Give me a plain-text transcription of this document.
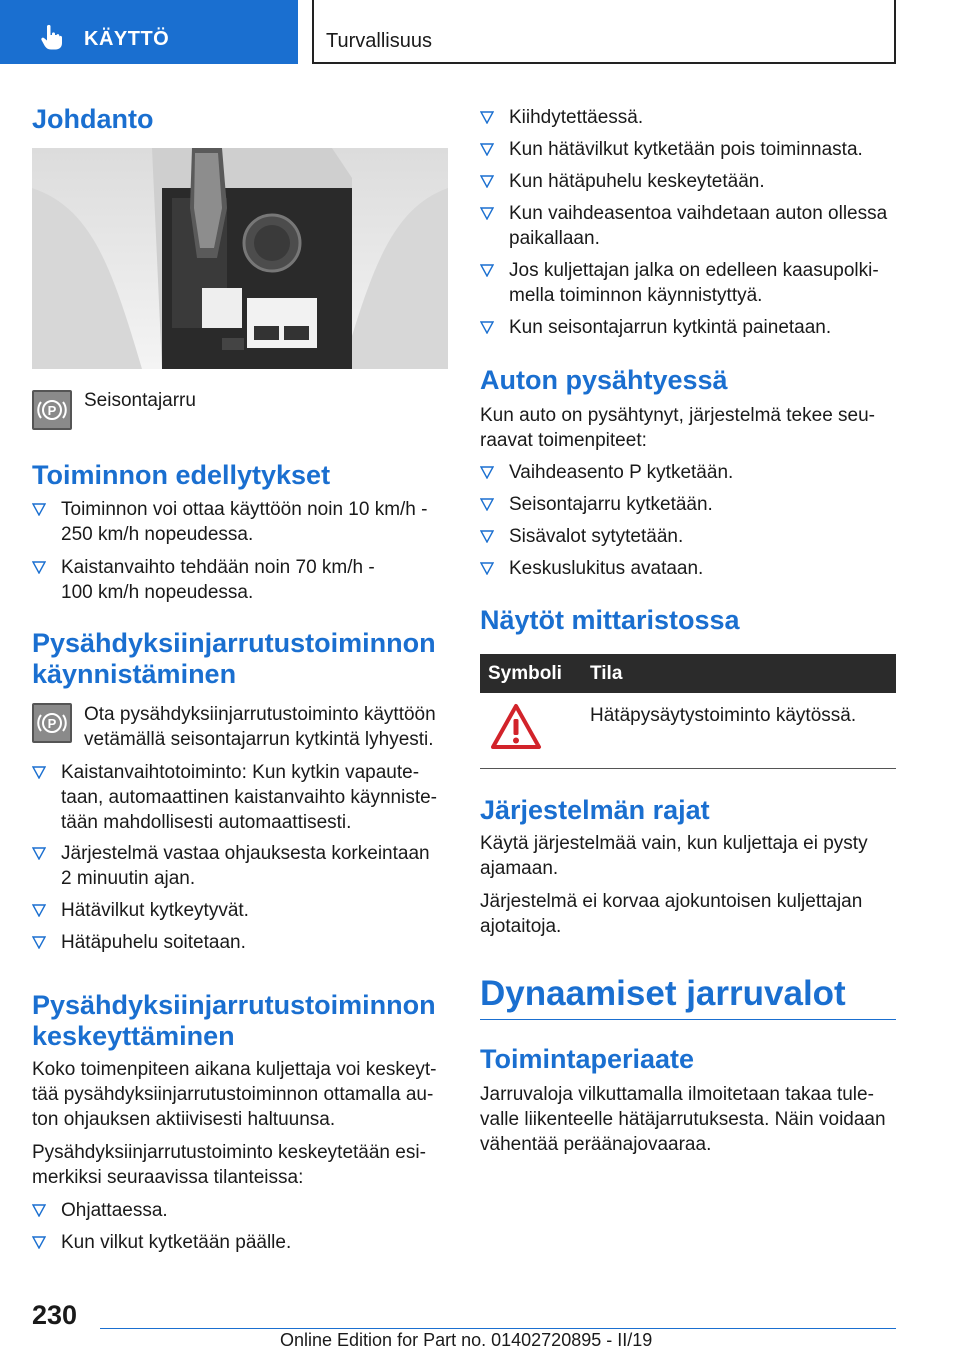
KÄYTTÖ	Turvallisuus
Johdanto
P Seisontajarru

Toiminnon edellytykset
Toiminnon voi ottaa käyttöön noin 10 km/h -
250 km/h nopeudessa.
Kaistanvaihto tehdään noin 70 km/h -
100 km/h nopeudessa.
Pysähdyksiinjarrutustoiminnon
käynnistäminen
P Ota pysähdyksiinjarrutustoiminto käyttöön
vetämällä seisontajarrun kytkintä lyhyesti.

Kaistanvaihtotoiminto: Kun kytkin vapaute-
taan, automaattinen kaistanvaihto käynniste-
tään mahdollisesti automaattisesti.
Järjestelmä vastaa ohjauksesta korkeintaan
2 minuutin ajan.
Hätävilkut kytkeytyvät.
Hätäpuhelu soitetaan.
Pysähdyksiinjarrutustoiminnon
keskeyttäminen

Koko toimenpiteen aikana kuljettaja voi keskeyt-
tää pysähdyksiinjarrutustoiminnon ottamalla au-
ton ohjauksen aktiivisesti haltuunsa.

Pysähdyksiinjarrutustoiminto keskeytetään esi-
merkiksi seuraavissa tilanteissa:

Ohjattaessa.
Kun vilkut kytketään päälle.
Kiihdytettäessä.
Kun hätävilkut kytketään pois toiminnasta.
Kun hätäpuhelu keskeytetään.
Kun vaihdeasentoa vaihdetaan auton ollessa
paikallaan.
Jos kuljettajan jalka on edelleen kaasupolki-
mella toiminnon käynnistyttyä.
Kun seisontajarrun kytkintä painetaan.
Auton pysähtyessä

Kun auto on pysähtynyt, järjestelmä tekee seu-
raavat toimenpiteet:

Vaihdeasento P kytketään.
Seisontajarru kytketään.
Sisävalot sytytetään.
Keskuslukitus avataan.
Näytöt mittaristossa
Symboli Tila

Hätäpysäytystoiminto käytössä.

Järjestelmän rajat

Käytä järjestelmää vain, kun kuljettaja ei pysty
ajamaan.

Järjestelmä ei korvaa ajokuntoisen kuljettajan
ajotaitoja.

Dynaamiset jarruvalot
Toimintaperiaate

Jarruvaloja vilkuttamalla ilmoitetaan takaa tule-
valle liikenteelle hätäjarrutuksesta. Näin voidaan
vähentää peräänajovaaraa.

230
Online Edition for Part no. 01402720895 - II/19
